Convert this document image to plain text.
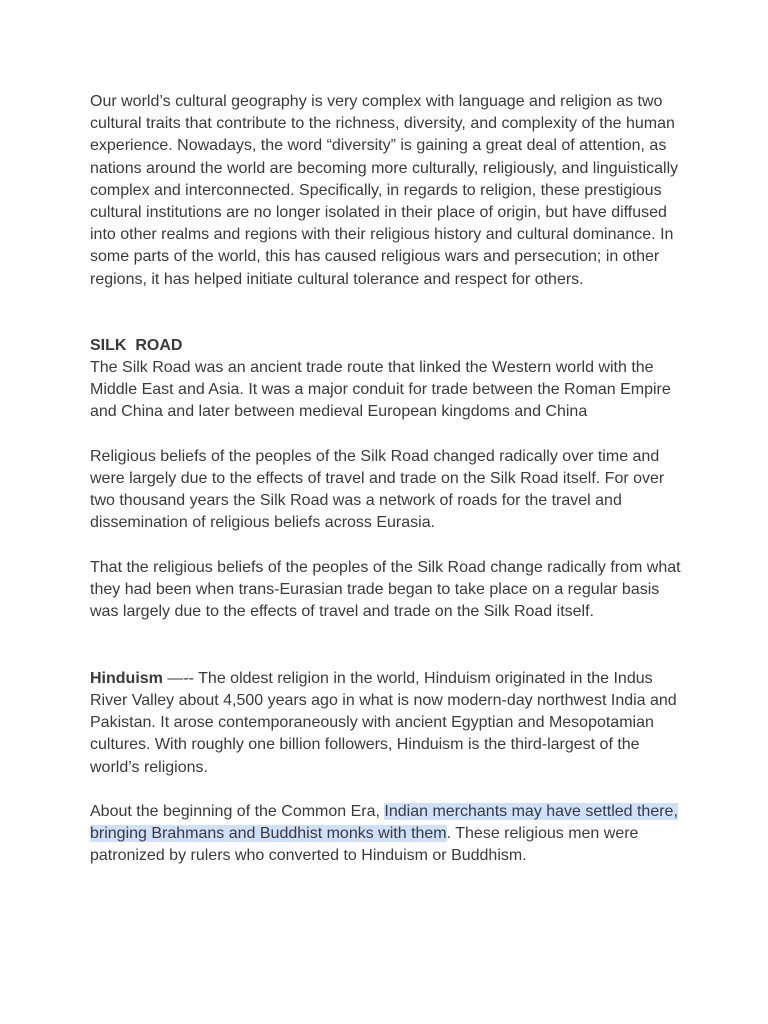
Our world’s cultural geography is very complex with language and religion as two cultural traits that contribute to the richness, diversity, and complexity of the human experience. Nowadays, the word “diversity” is gaining a great deal of attention, as nations around the world are becoming more culturally, religiously, and linguistically complex and interconnected. Specifically, in regards to religion, these prestigious cultural institutions are no longer isolated in their place of origin, but have diffused into other realms and regions with their religious history and cultural dominance. In some parts of the world, this has caused religious wars and persecution; in other regions, it has helped initiate cultural tolerance and respect for others.

SILK  ROAD

The Silk Road was an ancient trade route that linked the Western world with the Middle East and Asia. It was a major conduit for trade between the Roman Empire and China and later between medieval European kingdoms and China

Religious beliefs of the peoples of the Silk Road changed radically over time and were largely due to the effects of travel and trade on the Silk Road itself. For over two thousand years the Silk Road was a network of roads for the travel and dissemination of religious beliefs across Eurasia.

That the religious beliefs of the peoples of the Silk Road change radically from what they had been when trans-Eurasian trade began to take place on a regular basis was largely due to the effects of travel and trade on the Silk Road itself.

Hinduism —-- The oldest religion in the world, Hinduism originated in the Indus River Valley about 4,500 years ago in what is now modern-day northwest India and Pakistan. It arose contemporaneously with ancient Egyptian and Mesopotamian cultures. With roughly one billion followers, Hinduism is the third-largest of the world’s religions.

About the beginning of the Common Era, Indian merchants may have settled there, bringing Brahmans and Buddhist monks with them. These religious men were patronized by rulers who converted to Hinduism or Buddhism.
